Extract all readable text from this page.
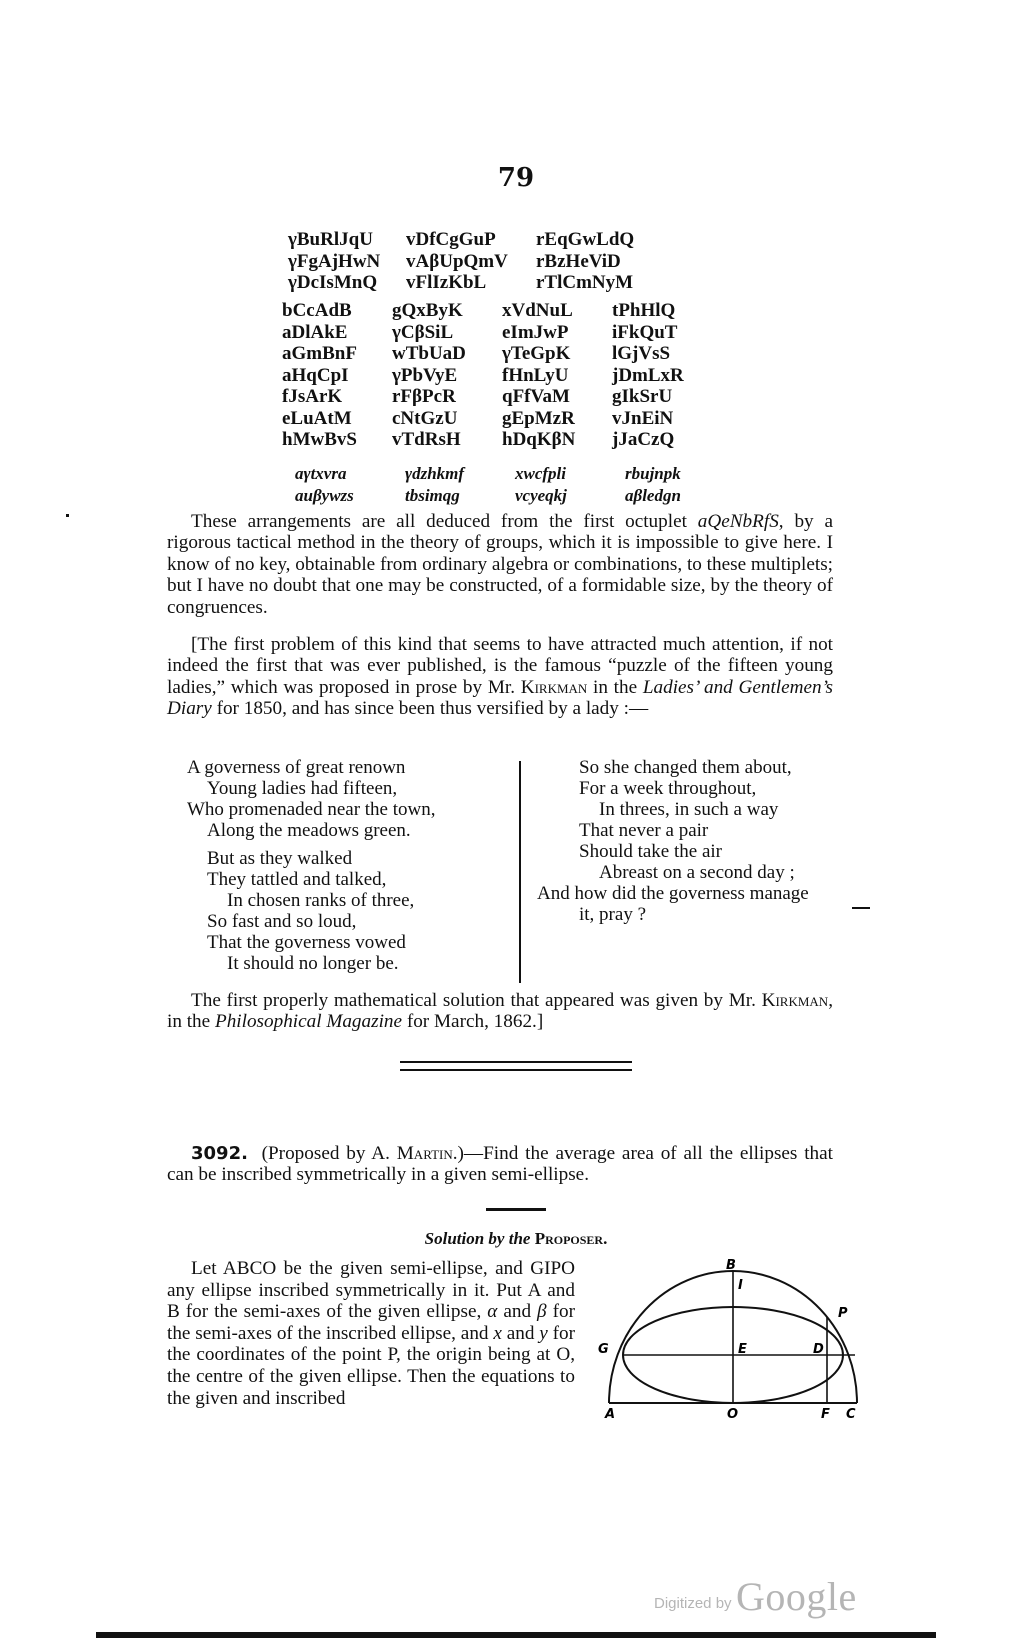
79
γBuRlJqU	vDfCgGuP	rEqGwLdQ
γFgAjHwN	vAβUpQmV	rBzHeViD
γDcIsMnQ	vFlIzKbL	rTlCmNyM
bCcAdB	gQxByK	xVdNuL	tPhHlQ
aDlAkE	γCβSiL	eImJwP	iFkQuT
aGmBnF	wTbUaD	γTeGpK	lGjVsS
aHqCpI	γPbVyE	fHnLyU	jDmLxR
fJsArK	rFβPcR	qFfVaM	gIkSrU
eLuAtM	cNtGzU	gEpMzR	vJnEiN
hMwBvS	vTdRsH	hDqKβN	jJaCzQ
aγtxvra	γdzhkmf	xwcfpli	rbujnpk
auβywzs	tbsimqg	vcyeqkj	aβledgn

These arrangements are all deduced from the first octuplet aQeNbRfS, by a rigorous tactical method in the theory of groups, which it is impossible to give here. I know of no key, obtainable from ordinary algebra or combinations, to these multiplets; but I have no doubt that one may be constructed, of a formidable size, by the theory of congruences.

[The first problem of this kind that seems to have attracted much attention, if not indeed the first that was ever published, is the famous “puzzle of the fifteen young ladies,” which was proposed in prose by Mr. Kirkman in the Ladies’ and Gentlemen’s Diary for 1850, and has since been thus versified by a lady :—

A governess of great renown
Young ladies had fifteen,
Who promenaded near the town,
Along the meadows green.
But as they walked
They tattled and talked,
In chosen ranks of three,
So fast and so loud,
That the governess vowed
It should no longer be.
So she changed them about,
For a week throughout,
In threes, in such a way
That never a pair
Should take the air
Abreast on a second day ;
And how did the governess manage
it, pray ?

The first properly mathematical solution that appeared was given by Mr. Kirkman, in the Philosophical Magazine for March, 1862.]

3092. (Proposed by A. Martin.)—Find the average area of all the ellipses that can be inscribed symmetrically in a given semi-ellipse.

Solution by the Proposer.

Let ABCO be the given semi-ellipse, and GIPO any ellipse inscribed symmetrically in it. Put A and B for the semi-axes of the given ellipse, α and β for the semi-axes of the inscribed ellipse, and x and y for the coordinates of the point P, the origin being at O, the centre of the given ellipse. Then the equations to the given and inscribed

B
I
P
G	E	D
A	O	F C
Digitized by Google
